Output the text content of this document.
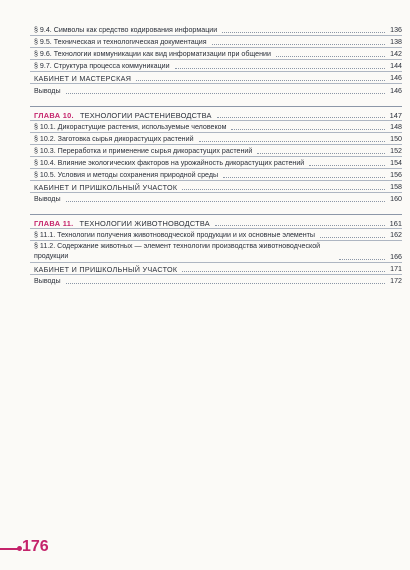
§ 9.4. Символы как средство кодирования информации	136
§ 9.5. Техническая и технологическая документация	138
§ 9.6. Технологии коммуникации как вид информатизации при общении	142
§ 9.7. Структура процесса коммуникации	144
КАБИНЕТ И МАСТЕРСКАЯ	146
Выводы	146
ГЛАВА 10. ТЕХНОЛОГИИ РАСТЕНИЕВОДСТВА	147
§ 10.1. Дикорастущие растения, используемые человеком	148
§ 10.2. Заготовка сырья дикорастущих растений	150
§ 10.3. Переработка и применение сырья дикорастущих растений	152
§ 10.4. Влияние экологических факторов на урожайность дикорастущих растений	154
§ 10.5. Условия и методы сохранения природной среды	156
КАБИНЕТ И ПРИШКОЛЬНЫЙ УЧАСТОК	158
Выводы	160
ГЛАВА 11. ТЕХНОЛОГИИ ЖИВОТНОВОДСТВА	161
§ 11.1. Технологии получения животноводческой продукции и их основные элементы	162
§ 11.2. Содержание животных — элемент технологии производства животноводческой продукции	166
КАБИНЕТ И ПРИШКОЛЬНЫЙ УЧАСТОК	171
Выводы	172
176
